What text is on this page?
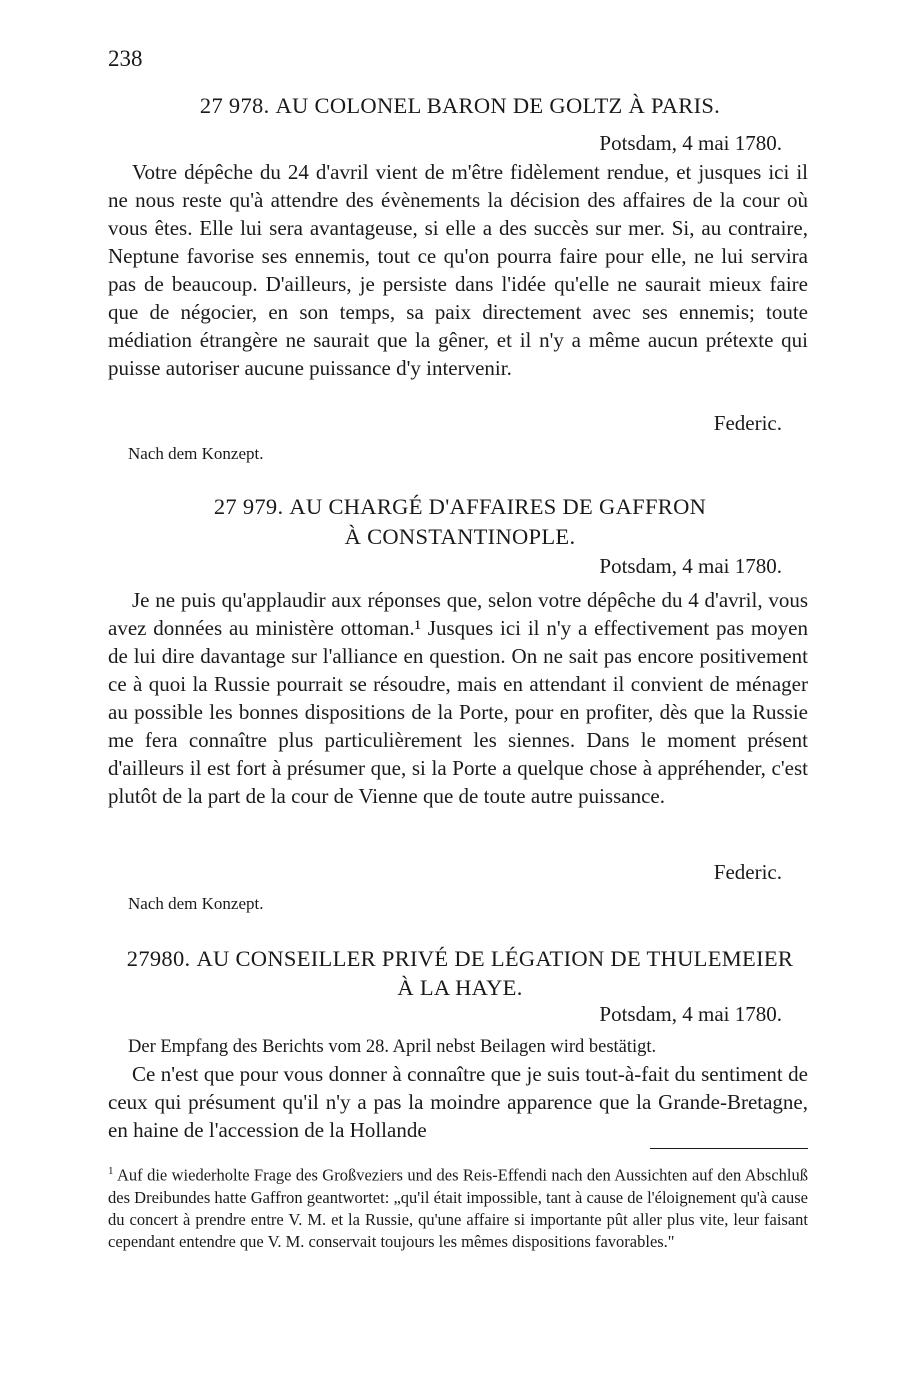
238
27 978. AU COLONEL BARON DE GOLTZ À PARIS.
Potsdam, 4 mai 1780.

Votre dépêche du 24 d'avril vient de m'être fidèlement rendue, et jusques ici il ne nous reste qu'à attendre des évènements la décision des affaires de la cour où vous êtes. Elle lui sera avantageuse, si elle a des succès sur mer. Si, au contraire, Neptune favorise ses ennemis, tout ce qu'on pourra faire pour elle, ne lui servira pas de beaucoup. D'ailleurs, je persiste dans l'idée qu'elle ne saurait mieux faire que de négocier, en son temps, sa paix directement avec ses ennemis; toute médiation étrangère ne saurait que la gêner, et il n'y a même aucun prétexte qui puisse autoriser aucune puissance d'y intervenir.

Federic.
Nach dem Konzept.
27 979. AU CHARGÉ D'AFFAIRES DE GAFFRON
À CONSTANTINOPLE.
Potsdam, 4 mai 1780.

Je ne puis qu'applaudir aux réponses que, selon votre dépêche du 4 d'avril, vous avez données au ministère ottoman.¹ Jusques ici il n'y a effectivement pas moyen de lui dire davantage sur l'alliance en question. On ne sait pas encore positivement ce à quoi la Russie pourrait se résoudre, mais en attendant il convient de ménager au possible les bonnes dispositions de la Porte, pour en profiter, dès que la Russie me fera connaître plus particulièrement les siennes. Dans le moment présent d'ailleurs il est fort à présumer que, si la Porte a quelque chose à appréhender, c'est plutôt de la part de la cour de Vienne que de toute autre puissance.

Federic.
Nach dem Konzept.
27980. AU CONSEILLER PRIVÉ DE LÉGATION DE THULEMEIER
À LA HAYE.
Potsdam, 4 mai 1780.
Der Empfang des Berichts vom 28. April nebst Beilagen wird bestätigt.

Ce n'est que pour vous donner à connaître que je suis tout-à-fait du sentiment de ceux qui présument qu'il n'y a pas la moindre apparence que la Grande-Bretagne, en haine de l'accession de la Hollande

$^1$ Auf die wiederholte Frage des Großveziers und des Reis-Effendi nach den Aussichten auf den Abschluß des Dreibundes hatte Gaffron geantwortet: „qu'il était impossible, tant à cause de l'éloignement qu'à cause du concert à prendre entre V. M. et la Russie, qu'une affaire si importante pût aller plus vite, leur faisant cependant entendre que V. M. conservait toujours les mêmes dispositions favorables."
